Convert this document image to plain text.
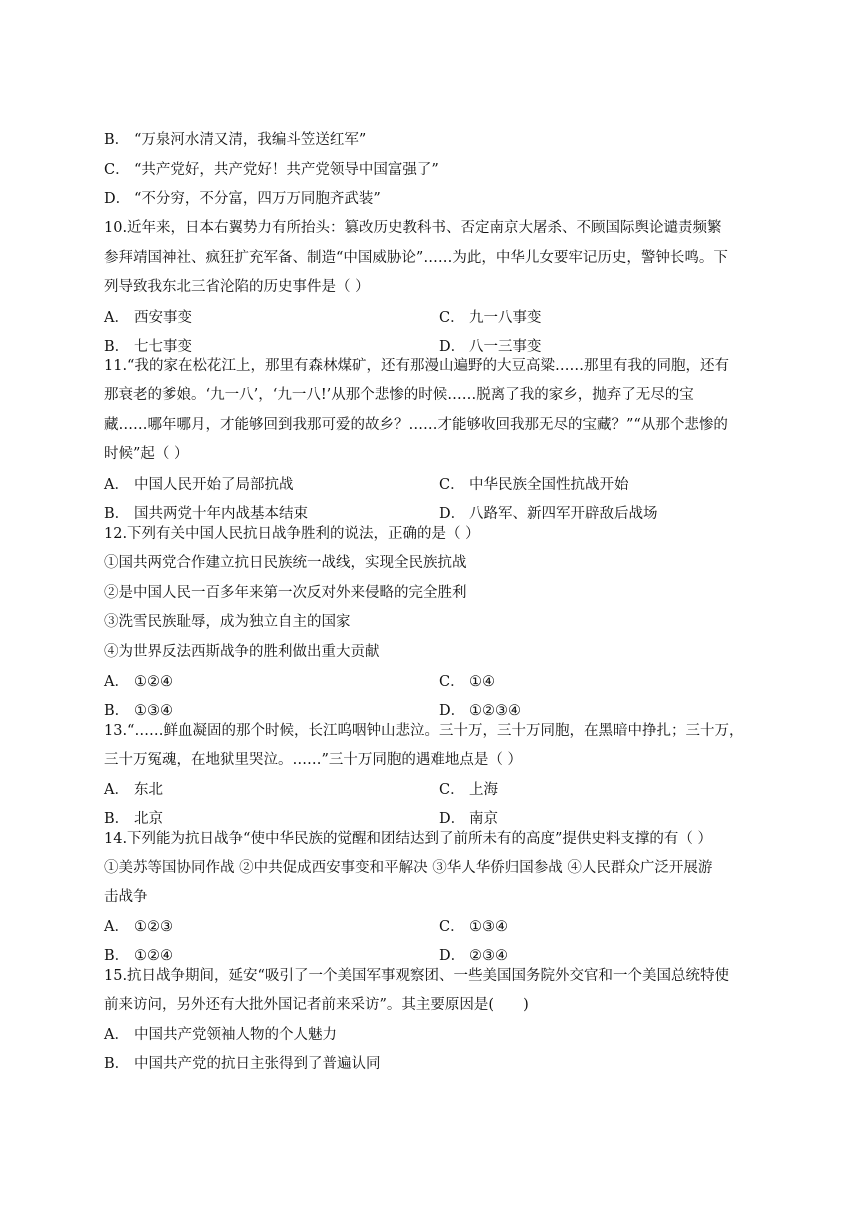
B． “万泉河水清又清，我编斗笠送红军”
C． “共产党好，共产党好！共产党领导中国富强了”
D． “不分穷，不分富，四万万同胞齐武装”
10.近年来，日本右翼势力有所抬头：篡改历史教科书、否定南京大屠杀、不顾国际舆论谴责频繁
参拜靖国神社、疯狂扩充军备、制造“中国威胁论”……为此，中华儿女要牢记历史，警钟长鸣。下
列导致我东北三省沦陷的历史事件是（ ）
A． 西安事变	C． 九一八事变
B． 七七事变	D． 八一三事变
11.“我的家在松花江上，那里有森林煤矿，还有那漫山遍野的大豆高粱……那里有我的同胞，还有
那衰老的爹娘。‘九一八’，‘九一八!’从那个悲惨的时候……脱离了我的家乡，抛弃了无尽的宝
藏……哪年哪月，才能够回到我那可爱的故乡？……才能够收回我那无尽的宝藏？”“从那个悲惨的
时候”起（ ）
A． 中国人民开始了局部抗战	C． 中华民族全国性抗战开始
B． 国共两党十年内战基本结束	D． 八路军、新四军开辟敌后战场
12.下列有关中国人民抗日战争胜利的说法，正确的是（ ）
①国共两党合作建立抗日民族统一战线，实现全民族抗战
②是中国人民一百多年来第一次反对外来侵略的完全胜利
③洗雪民族耻辱，成为独立自主的国家
④为世界反法西斯战争的胜利做出重大贡献
A． ①②④	C． ①④
B． ①③④	D． ①②③④
13.“……鲜血凝固的那个时候，长江呜咽钟山悲泣。三十万，三十万同胞，在黑暗中挣扎；三十万，
三十万冤魂，在地狱里哭泣。……”三十万同胞的遇难地点是（ ）
A． 东北	C． 上海
B． 北京	D． 南京
14.下列能为抗日战争“使中华民族的觉醒和团结达到了前所未有的高度”提供史料支撑的有（ ）
①美苏等国协同作战 ②中共促成西安事变和平解决 ③华人华侨归国参战 ④人民群众广泛开展游
击战争
A． ①②③	C． ①③④
B． ①②④	D． ②③④
15.抗日战争期间，延安“吸引了一个美国军事观察团、一些美国国务院外交官和一个美国总统特使
前来访问，另外还有大批外国记者前来采访”。其主要原因是(　　)
A． 中国共产党领袖人物的个人魅力
B． 中国共产党的抗日主张得到了普遍认同
